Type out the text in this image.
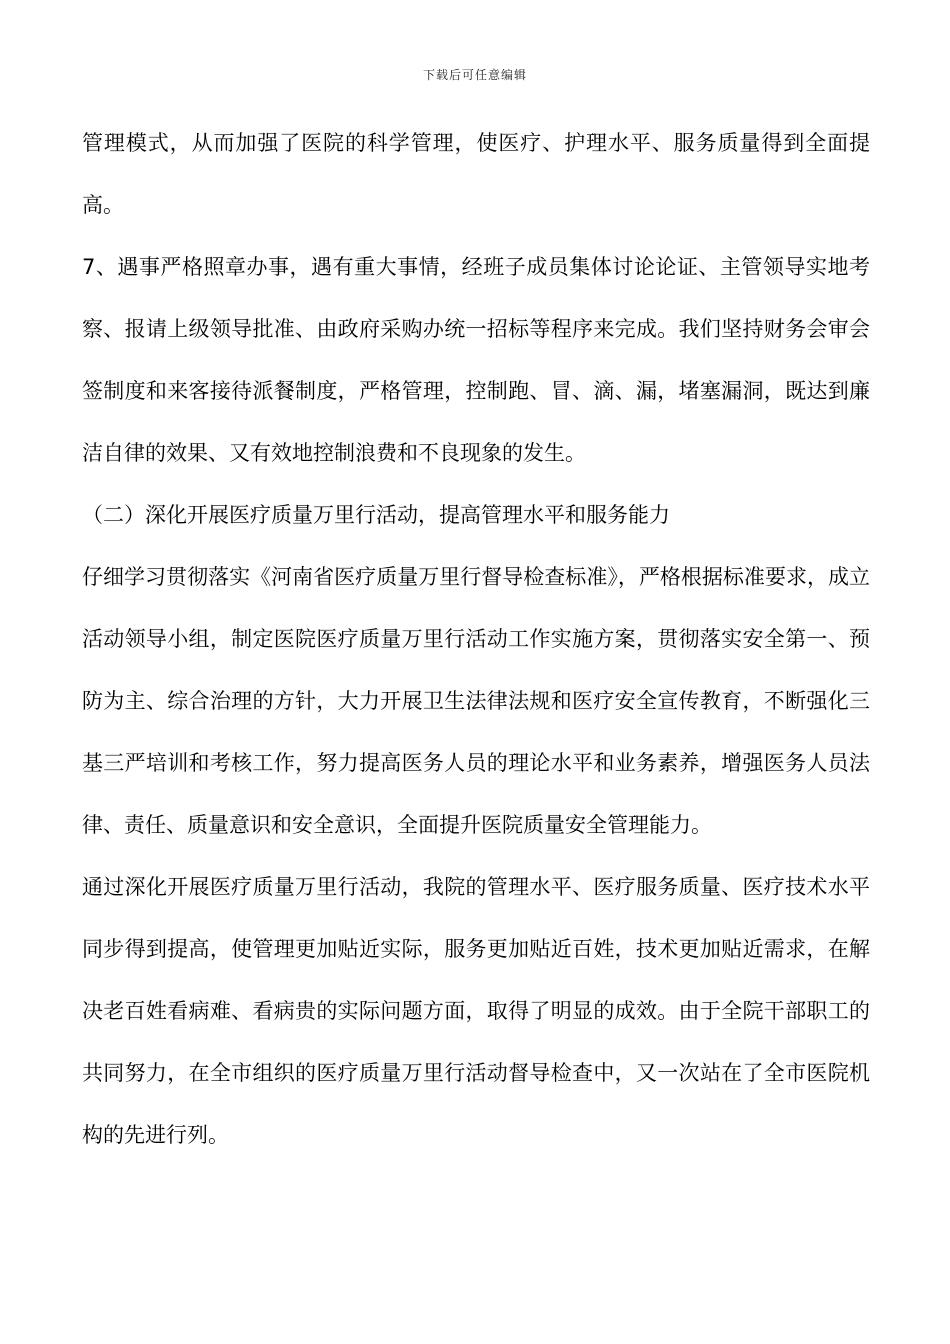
下载后可任意编辑

管理模式，从而加强了医院的科学管理，使医疗、护理水平、服务质量得到全面提高。

7、遇事严格照章办事，遇有重大事情，经班子成员集体讨论论证、主管领导实地考察、报请上级领导批准、由政府采购办统一招标等程序来完成。我们坚持财务会审会签制度和来客接待派餐制度，严格管理，控制跑、冒、滴、漏，堵塞漏洞，既达到廉洁自律的效果、又有效地控制浪费和不良现象的发生。

（二）深化开展医疗质量万里行活动，提高管理水平和服务能力

仔细学习贯彻落实《河南省医疗质量万里行督导检查标准》，严格根据标准要求，成立活动领导小组，制定医院医疗质量万里行活动工作实施方案，贯彻落实安全第一、预防为主、综合治理的方针，大力开展卫生法律法规和医疗安全宣传教育，不断强化三基三严培训和考核工作，努力提高医务人员的理论水平和业务素养，增强医务人员法律、责任、质量意识和安全意识，全面提升医院质量安全管理能力。

通过深化开展医疗质量万里行活动，我院的管理水平、医疗服务质量、医疗技术水平同步得到提高，使管理更加贴近实际，服务更加贴近百姓，技术更加贴近需求，在解决老百姓看病难、看病贵的实际问题方面，取得了明显的成效。由于全院干部职工的共同努力，在全市组织的医疗质量万里行活动督导检查中，又一次站在了全市医院机构的先进行列。
